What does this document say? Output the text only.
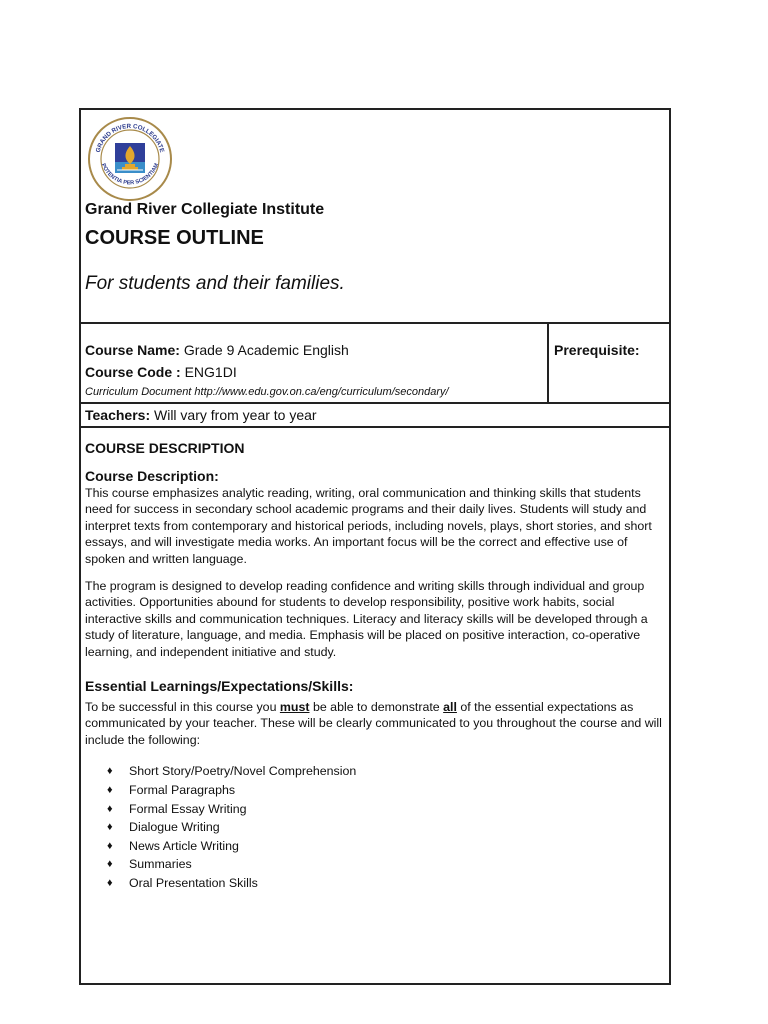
GRAND RIVER COLLEGIATE
POTENTIA PER SCIENTIAM
Grand River Collegiate Institute
COURSE OUTLINE
For students and their families.
Course Name: Grade 9 Academic English
Course Code : ENG1DI
Curriculum Document http://www.edu.gov.on.ca/eng/curriculum/secondary/
Prerequisite:
Teachers: Will vary from year to year
COURSE DESCRIPTION
Course Description:

This course emphasizes analytic reading, writing, oral communication and thinking skills that students need for success in secondary school academic programs and their daily lives. Students will study and interpret texts from contemporary and historical periods, including novels, plays, short stories, and short essays, and will investigate media works. An important focus will be the correct and effective use of spoken and written language.

The program is designed to develop reading confidence and writing skills through individual and group activities. Opportunities abound for students to develop responsibility, positive work habits, social interactive skills and communication techniques. Literacy and literacy skills will be developed through a study of literature, language, and media. Emphasis will be placed on positive interaction, co-operative learning, and independent initiative and study.

Essential Learnings/Expectations/Skills:

To be successful in this course you must be able to demonstrate all of the essential expectations as communicated by your teacher. These will be clearly communicated to you throughout the course and will include the following:

♦ Short Story/Poetry/Novel Comprehension
♦ Formal Paragraphs
♦ Formal Essay Writing
♦ Dialogue Writing
♦ News Article Writing
♦ Summaries
♦ Oral Presentation Skills
